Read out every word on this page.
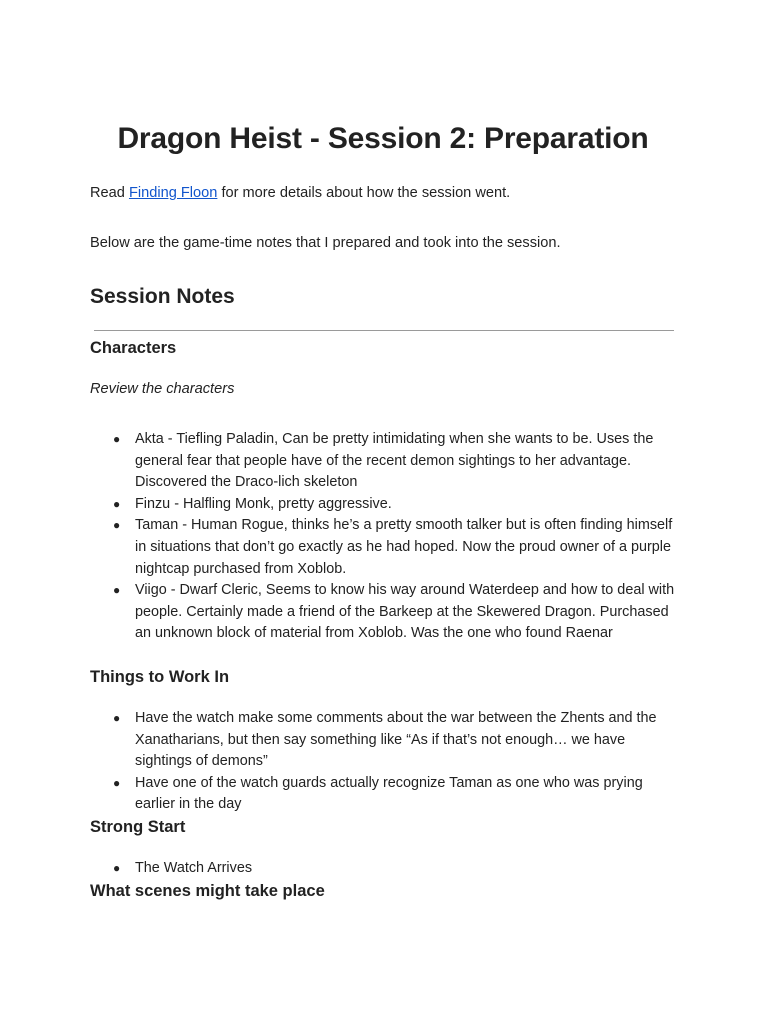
Dragon Heist - Session 2: Preparation
Read Finding Floon for more details about how the session went.
Below are the game-time notes that I prepared and took into the session.
Session Notes
Characters
Review the characters
● Akta - Tiefling Paladin, Can be pretty intimidating when she wants to be. Uses the general fear that people have of the recent demon sightings to her advantage. Discovered the Draco-lich skeleton
● Finzu - Halfling Monk, pretty aggressive.
● Taman - Human Rogue, thinks he’s a pretty smooth talker but is often finding himself in situations that don’t go exactly as he had hoped. Now the proud owner of a purple nightcap purchased from Xoblob.
● Viigo - Dwarf Cleric, Seems to know his way around Waterdeep and how to deal with people. Certainly made a friend of the Barkeep at the Skewered Dragon. Purchased an unknown block of material from Xoblob. Was the one who found Raenar
Things to Work In
● Have the watch make some comments about the war between the Zhents and the Xanatharians, but then say something like “As if that’s not enough… we have sightings of demons”
● Have one of the watch guards actually recognize Taman as one who was prying earlier in the day
Strong Start
● The Watch Arrives
What scenes might take place
